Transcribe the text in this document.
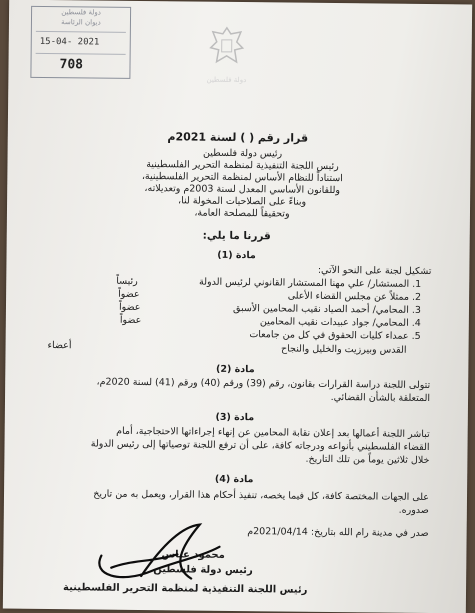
دولة فلسطين
ديوان الرئاسة
15-04- 2021
708
دولة فلسطين
قرار رقم ( ) لسنة 2021م
رئيس دولة فلسطين
رئيس اللجنة التنفيذية لمنظمة التحرير الفلسطينية
استناداً للنظام الأساس لمنظمة التحرير الفلسطينية،
وللقانون الأساسي المعدل لسنة 2003م وتعديلاته،
وبناءً على الصلاحيات المخولة لنا،
وتحقيقاً للمصلحة العامة،
قررنا ما يلي:
مادة (1)
تشكيل لجنة على النحو الآتي:
1. المستشار/ علي مهنا المستشار القانوني لرئيس الدولة
رئيساً
2. ممثلاً عن مجلس القضاء الأعلى
عضواً
3. المحامي/ أحمد الصياد نقيب المحامين الأسبق
عضواً
4. المحامي/ جواد عبيدات نقيب المحامين
عضواً
5. عمداء كليات الحقوق في كل من جامعات
أعضاء	القدس وبيرزيت والخليل والنجاح
مادة (2)
تتولى اللجنة دراسة القرارات بقانون، رقم (39) ورقم (40) ورقم (41) لسنة 2020م،
المتعلقة بالشأن القضائي.
مادة (3)
تباشر اللجنة أعمالها بعد إعلان نقابة المحامين عن إنهاء إجراءاتها الاحتجاجية، أمام
القضاء الفلسطيني بأنواعه ودرجاته كافة، على أن ترفع اللجنة توصياتها إلى رئيس الدولة
خلال ثلاثين يوماً من تلك التاريخ.
مادة (4)
على الجهات المختصة كافة، كل فيما يخصه، تنفيذ أحكام هذا القرار، ويعمل به من تاريخ
صدوره.
صدر في مدينة رام الله بتاريخ: 2021/04/14م
محمود عباس
رئيس دولة فلسطين
رئيس اللجنة التنفيذية لمنظمة التحرير الفلسطينية
